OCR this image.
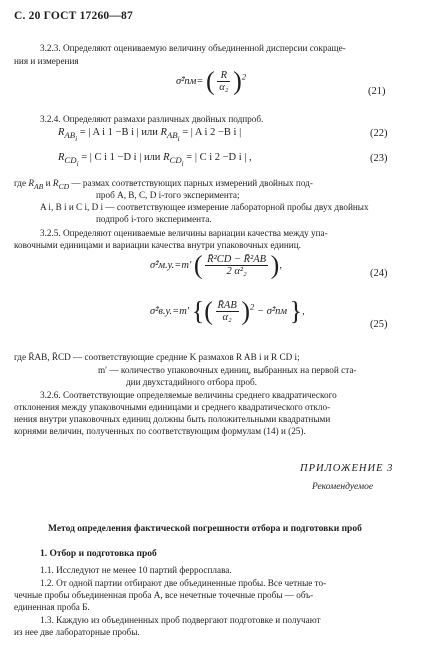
С. 20 ГОСТ 17260—87
3.2.3. Определяют оцениваемую величину объединенной дисперсии сокраще-
ния и измерения
σ̂²пм= ( $\frac{R}{\text{α₂}} )^2$
(21)
3.2.4. Определяют размахи различных двойных подпроб.
$R_{AB_i}$ = | A i 1 −B i | или $R_{AB_i}$ = | A i 2 −B i |	(22)
$R_{CD_i}$ = | C i 1 −D i | или $R_{CD_i}$ = | C i 2 −D i | ,	(23)
где $R_{AB}$ и $R_{CD}$ — размах соответствующих парных измерений двойных под-
проб A, B, C, D i-того эксперимента;
A i, B i и C i, D i — соответствующее измерение лабораторной пробы двух двойных
подпроб i-того эксперимента.
3.2.5. Определяют оцениваемые величины вариации качества между упа-
ковочными единицами и вариации качества внутри упаковочных единиц.
σ̂²м.у.=m′ ( $\frac{\text{R̄²CD − R̄²AB}}{\text{2 α²₂}}$ ),
(24)
σ̂²в.у.=m′ {( $\frac{R̄AB}{\text{α₂}} )^2$ − σ̂²пм },
(25)
где R̄AB, R̄CD — соответствующие средние K размахов R AB i и R CD i;
m′ — количество упаковочных единиц, выбранных на первой ста-
дии двухстадийного отбора проб.
3.2.6. Соответствующие определяемые величины среднего квадратического
отклонения между упаковочными единицами и среднего квадратического откло-
нения внутри упаковочных единиц должны быть положительными квадратными
корнями величин, полученных по соответствующим формулам (14) и (25).
ПРИЛОЖЕНИЕ 3
Рекомендуемое
Метод определения фактической погрешности отбора и подготовки проб
1. Отбор и подготовка проб
1.1. Исследуют не менее 10 партий ферросплава.
1.2. От одной партии отбирают две объединенные пробы. Все четные то-
чечные пробы объединенная проба А, все нечетные точечные пробы — объ-
единенная проба Б.
1.3. Каждую из объединенных проб подвергают подготовке и получают
из нее две лабораторные пробы.
